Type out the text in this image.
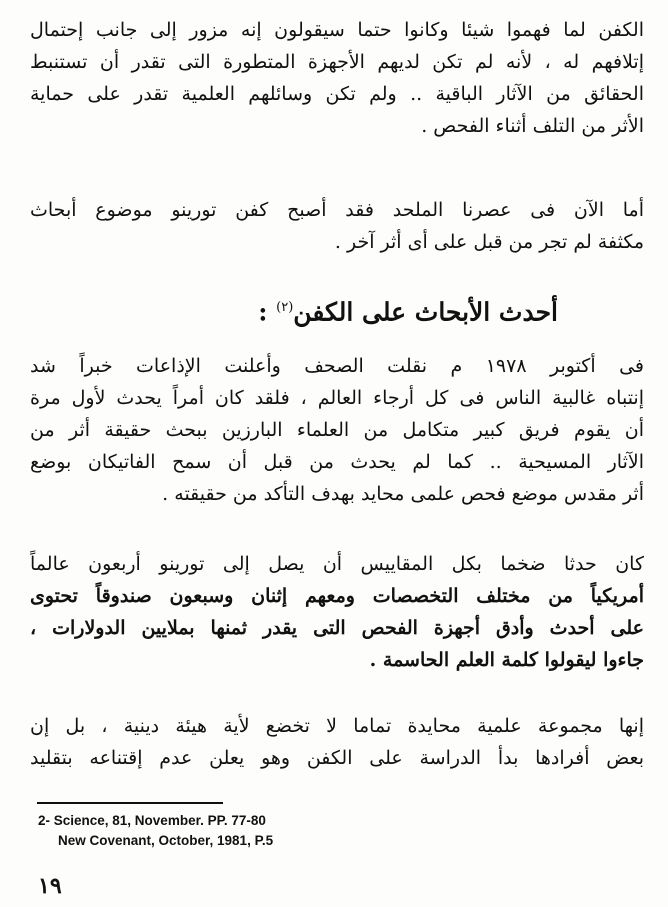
الكفن لما فهموا شيئا وكانوا حتما سيقولون إنه مزور إلى جانب إحتمال
إتلافهم له ، لأنه لم تكن لديهم الأجهزة المتطورة التى تقدر أن تستنبط
الحقائق من الآثار الباقية .. ولم تكن وسائلهم العلمية تقدر على حماية
الأثر من التلف أثناء الفحص .
أما الآن فى عصرنا الملحد فقد أصبح كفن تورينو موضوع أبحاث
مكثفة لم تجر من قبل على أى أثر آخر .
أحدث الأبحاث على الكفن$^{(٢)}$ :
فى أكتوبر ١٩٧٨ م نقلت الصحف وأعلنت الإذاعات خبراً شد
إنتباه غالبية الناس فى كل أرجاء العالم ، فلقد كان أمراً يحدث لأول مرة
أن يقوم فريق كبير متكامل من العلماء البارزين ببحث حقيقة أثر من
الآثار المسيحية .. كما لم يحدث من قبل أن سمح الفاتيكان بوضع
أثر مقدس موضع فحص علمى محايد بهدف التأكد من حقيقته .
كان حدثا ضخما بكل المقاييس أن يصل إلى تورينو أربعون عالماً
أمريكياً من مختلف التخصصات ومعهم إثنان وسبعون صندوقاً تحتوى
على أحدث وأدق أجهزة الفحص التى يقدر ثمنها بملايين الدولارات ،
جاءوا ليقولوا كلمة العلم الحاسمة .
إنها مجموعة علمية محايدة تماما لا تخضع لأية هيئة دينية ، بل إن
بعض أفرادها بدأ الدراسة على الكفن وهو يعلن عدم إقتناعه بتقليد
2- Science, 81, November. PP. 77-80
New Covenant, October, 1981, P.5
١٩
